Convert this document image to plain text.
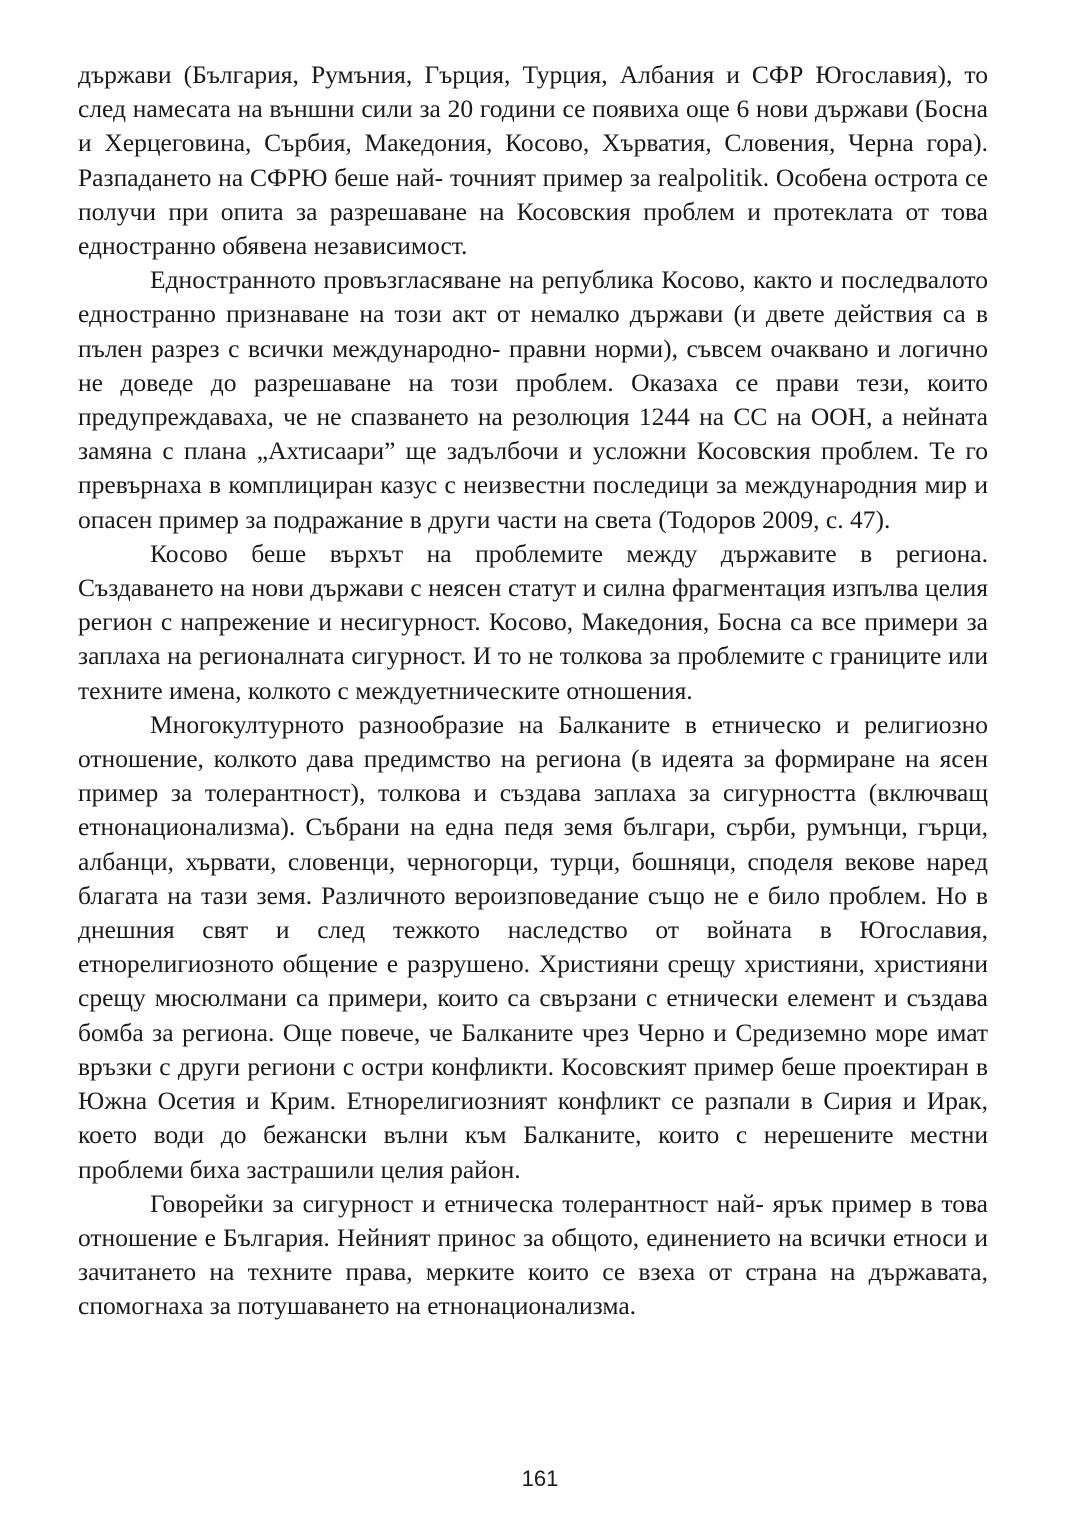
държави (България, Румъния, Гърция, Турция, Албания и СФР Югославия), то след намесата на външни сили за 20 години се появиха още 6 нови държави (Босна и Херцеговина, Сърбия, Македония, Косово, Хърватия, Словения, Черна гора). Разпадането на СФРЮ беше най- точният пример за realpolitik. Особена острота се получи при опита за разрешаване на Косовския проблем и протеклата от това едностранно обявена независимост.

Едностранното провъзгласяване на република Косово, както и последвалото едностранно признаване на този акт от немалко държави (и двете действия са в пълен разрез с всички международно- правни норми), съвсем очаквано и логично не доведе до разрешаване на този проблем. Оказаха се прави тези, които предупреждаваха, че не спазването на резолюция 1244 на СС на ООН, а нейната замяна с плана „Ахтисаари” ще задълбочи и усложни Косовския проблем. Те го превърнаха в комплициран казус с неизвестни последици за международния мир и опасен пример за подражание в други части на света (Тодоров 2009, с. 47).

Косово беше върхът на проблемите между държавите в региона. Създаването на нови държави с неясен статут и силна фрагментация изпълва целия регион с напрежение и несигурност. Косово, Македония, Босна са все примери за заплаха на регионалната сигурност. И то не толкова за проблемите с границите или техните имена, колкото с междуетническите отношения.

Многокултурното разнообразие на Балканите в етническо и религиозно отношение, колкото дава предимство на региона (в идеята за формиране на ясен пример за толерантност), толкова и създава заплаха за сигурността (включващ етнонационализма). Събрани на една педя земя българи, сърби, румънци, гърци, албанци, хървати, словенци, черногорци, турци, бошняци, споделя векове наред благата на тази земя. Различното вероизповедание също не е било проблем. Но в днешния свят и след тежкото наследство от войната в Югославия, етнорелигиозното общение е разрушено. Християни срещу християни, християни срещу мюсюлмани са примери, които са свързани с етнически елемент и създава бомба за региона. Още повече, че Балканите чрез Черно и Средиземно море имат връзки с други региони с остри конфликти. Косовският пример беше проектиран в Южна Осетия и Крим. Етнорелигиозният конфликт се разпали в Сирия и Ирак, което води до бежански вълни към Балканите, които с нерешените местни проблеми биха застрашили целия район.

Говорейки за сигурност и етническа толерантност най- ярък пример в това отношение е България. Нейният принос за общото, единението на всички етноси и зачитането на техните права, мерките които се взеха от страна на държавата, спомогнаха за потушаването на етнонационализма.

161
